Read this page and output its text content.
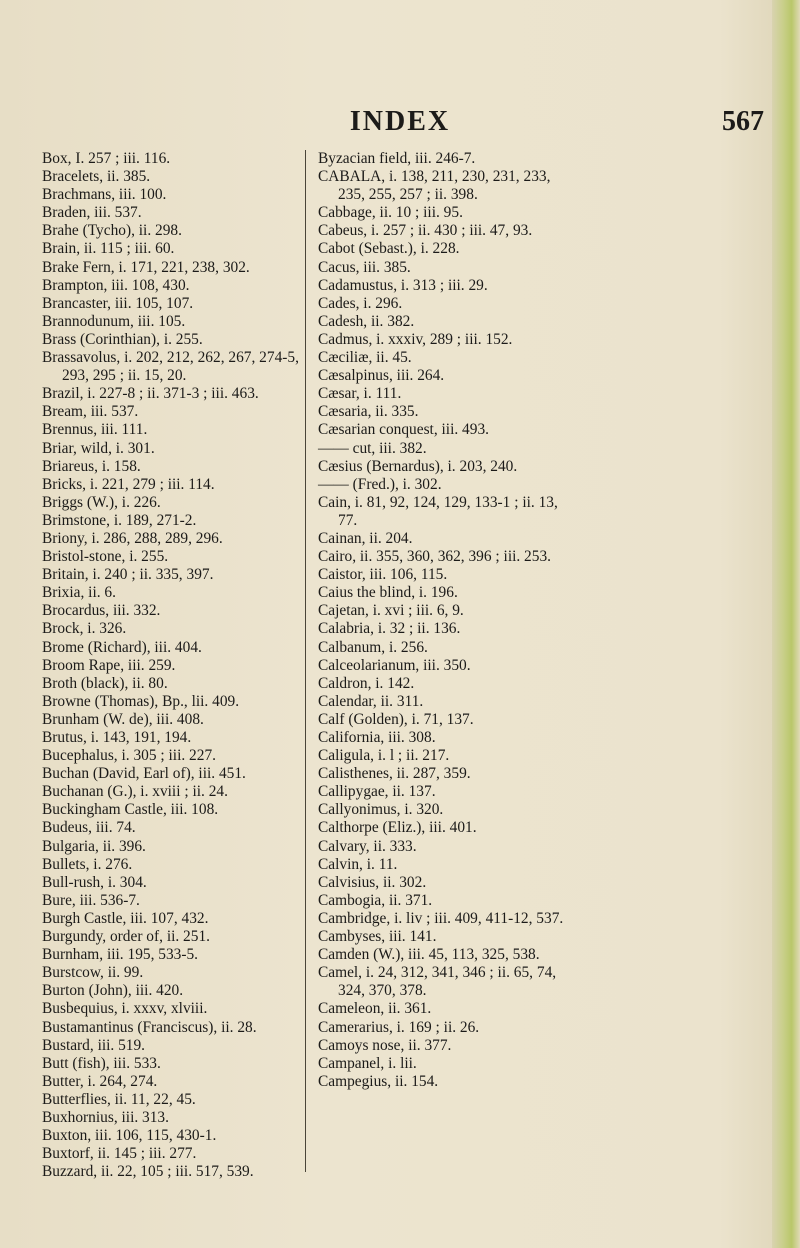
INDEX	567
Box, I. 257 ; iii. 116.
Bracelets, ii. 385.
Brachmans, iii. 100.
Braden, iii. 537.
Brahe (Tycho), ii. 298.
Brain, ii. 115 ; iii. 60.
Brake Fern, i. 171, 221, 238, 302.
Brampton, iii. 108, 430.
Brancaster, iii. 105, 107.
Brannodunum, iii. 105.
Brass (Corinthian), i. 255.
Brassavolus, i. 202, 212, 262, 267, 274-5, 293, 295 ; ii. 15, 20.
Brazil, i. 227-8 ; ii. 371-3 ; iii. 463.
Bream, iii. 537.
Brennus, iii. 111.
Briar, wild, i. 301.
Briareus, i. 158.
Bricks, i. 221, 279 ; iii. 114.
Briggs (W.), i. 226.
Brimstone, i. 189, 271-2.
Briony, i. 286, 288, 289, 296.
Bristol-stone, i. 255.
Britain, i. 240 ; ii. 335, 397.
Brixia, ii. 6.
Brocardus, iii. 332.
Brock, i. 326.
Brome (Richard), iii. 404.
Broom Rape, iii. 259.
Broth (black), ii. 80.
Browne (Thomas), Bp., lii. 409.
Brunham (W. de), iii. 408.
Brutus, i. 143, 191, 194.
Bucephalus, i. 305 ; iii. 227.
Buchan (David, Earl of), iii. 451.
Buchanan (G.), i. xviii ; ii. 24.
Buckingham Castle, iii. 108.
Budeus, iii. 74.
Bulgaria, ii. 396.
Bullets, i. 276.
Bull-rush, i. 304.
Bure, iii. 536-7.
Burgh Castle, iii. 107, 432.
Burgundy, order of, ii. 251.
Burnham, iii. 195, 533-5.
Burstcow, ii. 99.
Burton (John), iii. 420.
Busbequius, i. xxxv, xlviii.
Bustamantinus (Franciscus), ii. 28.
Bustard, iii. 519.
Butt (fish), iii. 533.
Butter, i. 264, 274.
Butterflies, ii. 11, 22, 45.
Buxhornius, iii. 313.
Buxton, iii. 106, 115, 430-1.
Buxtorf, ii. 145 ; iii. 277.
Buzzard, ii. 22, 105 ; iii. 517, 539.
Byzacian field, iii. 246-7.
CABALA, i. 138, 211, 230, 231, 233, 235, 255, 257 ; ii. 398.
Cabbage, ii. 10 ; iii. 95.
Cabeus, i. 257 ; ii. 430 ; iii. 47, 93.
Cabot (Sebast.), i. 228.
Cacus, iii. 385.
Cadamustus, i. 313 ; iii. 29.
Cades, i. 296.
Cadesh, ii. 382.
Cadmus, i. xxxiv, 289 ; iii. 152.
Cæciliæ, ii. 45.
Cæsalpinus, iii. 264.
Cæsar, i. 111.
Cæsaria, ii. 335.
Cæsarian conquest, iii. 493.
—— cut, iii. 382.
Cæsius (Bernardus), i. 203, 240.
—— (Fred.), i. 302.
Cain, i. 81, 92, 124, 129, 133-1 ; ii. 13, 77.
Cainan, ii. 204.
Cairo, ii. 355, 360, 362, 396 ; iii. 253.
Caistor, iii. 106, 115.
Caius the blind, i. 196.
Cajetan, i. xvi ; iii. 6, 9.
Calabria, i. 32 ; ii. 136.
Calbanum, i. 256.
Calceolarianum, iii. 350.
Caldron, i. 142.
Calendar, ii. 311.
Calf (Golden), i. 71, 137.
California, iii. 308.
Caligula, i. l ; ii. 217.
Calisthenes, ii. 287, 359.
Callipygae, ii. 137.
Callyonimus, i. 320.
Calthorpe (Eliz.), iii. 401.
Calvary, ii. 333.
Calvin, i. 11.
Calvisius, ii. 302.
Cambogia, ii. 371.
Cambridge, i. liv ; iii. 409, 411-12, 537.
Cambyses, iii. 141.
Camden (W.), iii. 45, 113, 325, 538.
Camel, i. 24, 312, 341, 346 ; ii. 65, 74, 324, 370, 378.
Cameleon, ii. 361.
Camerarius, i. 169 ; ii. 26.
Camoys nose, ii. 377.
Campanel, i. lii.
Campegius, ii. 154.
